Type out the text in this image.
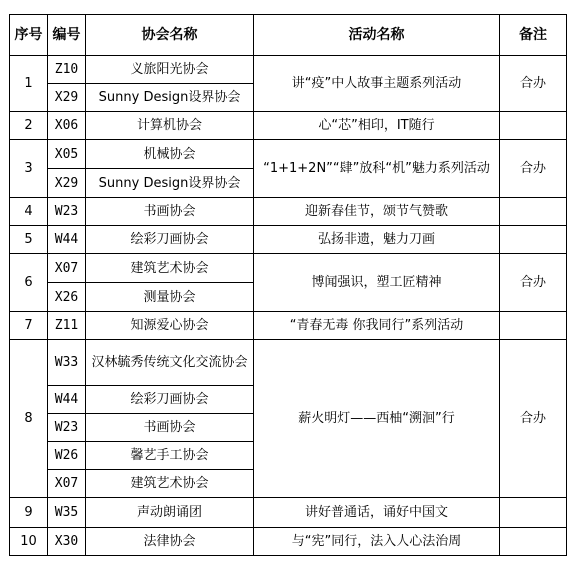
序号	编号	协会名称	活动名称	备注
1	Z10	义旅阳光协会	讲“疫”中人故事主题系列活动	合办
	X29	Sunny Design设界协会		
2	X06	计算机协会	心“芯”相印，IT随行	
3	X05	机械协会	“1+1+2N”“肆”放科“机”魅力系列活动	合办
	X29	Sunny Design设界协会		
4	W23	书画协会	迎新春佳节，颂节气赞歌	
5	W44	绘彩刀画协会	弘扬非遗，魅力刀画	
6	X07	建筑艺术协会	博闻强识，塑工匠精神	合办
	X26	测量协会		
7	Z11	知源爱心协会	“青春无毒 你我同行”系列活动	
8	W33	汉林毓秀传统文化交流协会	薪火明灯——西柚“溯洄”行	合办
	W44	绘彩刀画协会		
	W23	书画协会		
	W26	馨艺手工协会		
	X07	建筑艺术协会		
9	W35	声动朗诵团	讲好普通话，诵好中国文	
10	X30	法律协会	与“宪”同行，法入人心法治周	
